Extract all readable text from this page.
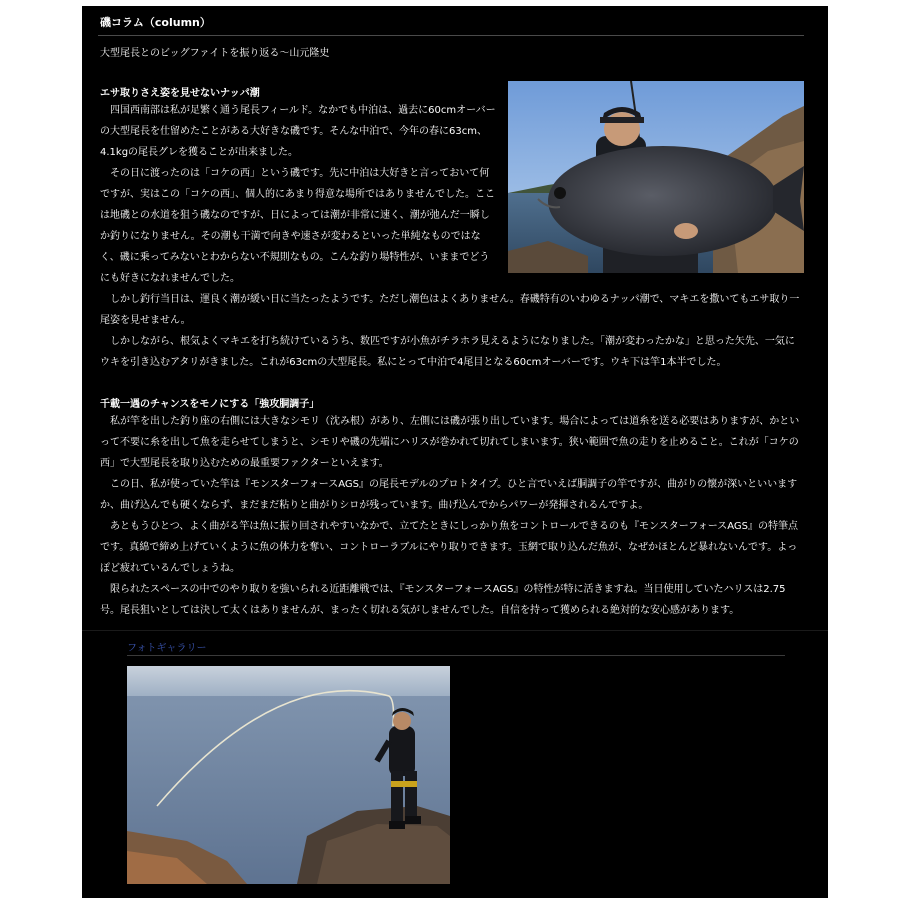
磯コラム（column）
大型尾長とのビッグファイトを振り返る〜山元隆史
エサ取りさえ姿を見せないナッパ潮

四国西南部は私が足繁く通う尾長フィールド。なかでも中泊は、過去に60cmオーバーの大型尾長を仕留めたことがある大好きな磯です。そんな中泊で、今年の春に63cm、4.1kgの尾長グレを獲ることが出来ました。

その日に渡ったのは「コケの西」という磯です。先に中泊は大好きと言っておいて何ですが、実はこの「コケの西」、個人的にあまり得意な場所ではありませんでした。ここは地磯との水道を狙う磯なのですが、日によっては潮が非常に速く、潮が弛んだ一瞬しか釣りになりません。その潮も干満で向きや速さが変わるといった単純なものではなく、磯に乗ってみないとわからない不規則なもの。こんな釣り場特性が、いままでどうにも好きになれませんでした。

しかし釣行当日は、運良く潮が緩い日に当たったようです。ただし潮色はよくありません。春磯特有のいわゆるナッパ潮で、マキエを撒いてもエサ取り一尾姿を見せません。

しかしながら、根気よくマキエを打ち続けているうち、数匹ですが小魚がチラホラ見えるようになりました。「潮が変わったかな」と思った矢先、一気にウキを引き込むアタリがきました。これが63cmの大型尾長。私にとって中泊で4尾目となる60cmオーバーです。ウキ下は竿1本半でした。

千載一遇のチャンスをモノにする「強攻胴調子」

私が竿を出した釣り座の右側には大きなシモリ（沈み根）があり、左側には磯が張り出しています。場合によっては道糸を送る必要はありますが、かといって不要に糸を出して魚を走らせてしまうと、シモリや磯の先端にハリスが巻かれて切れてしまいます。狭い範囲で魚の走りを止めること。これが「コケの西」で大型尾長を取り込むための最重要ファクターといえます。

この日、私が使っていた竿は『モンスターフォースAGS』の尾長モデルのプロトタイプ。ひと言でいえば胴調子の竿ですが、曲がりの懐が深いといいますか、曲げ込んでも硬くならず、まだまだ粘りと曲がりシロが残っています。曲げ込んでからパワーが発揮されるんですよ。

あともうひとつ、よく曲がる竿は魚に振り回されやすいなかで、立てたときにしっかり魚をコントロールできるのも『モンスターフォースAGS』の特筆点です。真綿で締め上げていくように魚の体力を奪い、コントローラブルにやり取りできます。玉網で取り込んだ魚が、なぜかほとんど暴れないんです。よっぽど疲れているんでしょうね。

限られたスペースの中でのやり取りを強いられる近距離戦では、『モンスターフォースAGS』の特性が特に活きますね。当日使用していたハリスは2.75号。尾長狙いとしては決して太くはありませんが、まったく切れる気がしませんでした。自信を持って獲められる絶対的な安心感があります。

フォトギャラリー
